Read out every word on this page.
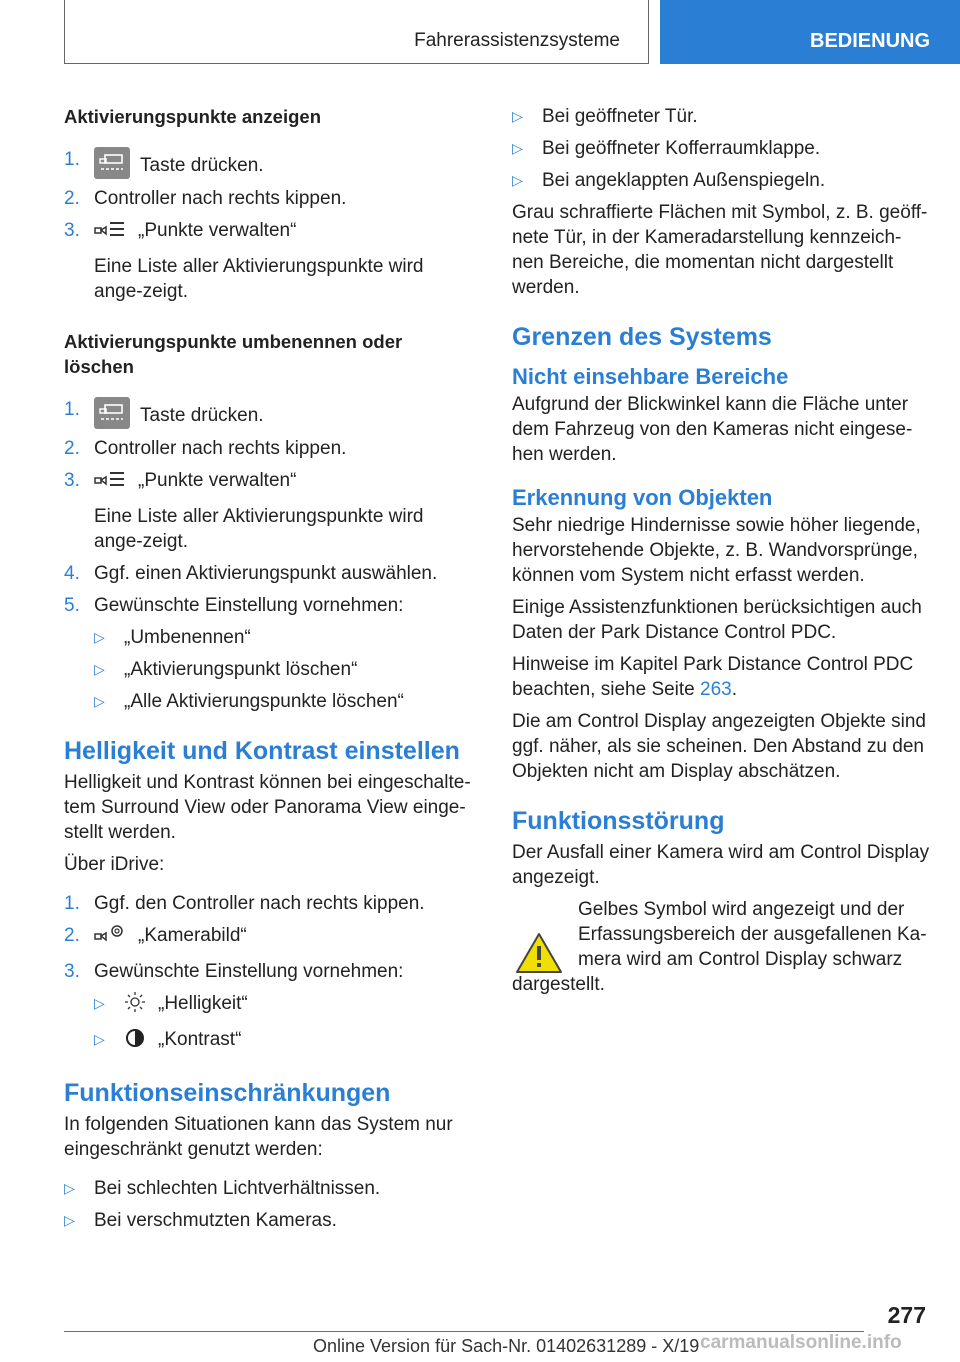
Fahrerassistenzsysteme	BEDIENUNG
Aktivierungspunkte anzeigen
1.	Taste drücken.
2. Controller nach rechts kippen.
3.	„Punkte verwalten“
Eine Liste aller Aktivierungspunkte wird ange-zeigt.
Aktivierungspunkte umbenennen oder löschen
1.	Taste drücken.
2. Controller nach rechts kippen.
3.	„Punkte verwalten“
Eine Liste aller Aktivierungspunkte wird ange-zeigt.
4. Ggf. einen Aktivierungspunkt auswählen.
5. Gewünschte Einstellung vornehmen:
▷ „Umbenennen“
▷ „Aktivierungspunkt löschen“
▷ „Alle Aktivierungspunkte löschen“
Helligkeit und Kontrast einstellen

Helligkeit und Kontrast können bei eingeschalte-tem Surround View oder Panorama View einge-stellt werden.

Über iDrive:

1. Ggf. den Controller nach rechts kippen.
2.	„Kamerabild“
3. Gewünschte Einstellung vornehmen:
▷	„Helligkeit“
▷	„Kontrast“
Funktionseinschränkungen

In folgenden Situationen kann das System nur eingeschränkt genutzt werden:

▷ Bei schlechten Lichtverhältnissen.
▷ Bei verschmutzten Kameras.
▷ Bei geöffneter Tür.
▷ Bei geöffneter Kofferraumklappe.
▷ Bei angeklappten Außenspiegeln.

Grau schraffierte Flächen mit Symbol, z. B. geöff-nete Tür, in der Kameradarstellung kennzeich-nen Bereiche, die momentan nicht dargestellt werden.

Grenzen des Systems
Nicht einsehbare Bereiche

Aufgrund der Blickwinkel kann die Fläche unter dem Fahrzeug von den Kameras nicht eingese-hen werden.

Erkennung von Objekten

Sehr niedrige Hindernisse sowie höher liegende, hervorstehende Objekte, z. B. Wandvorsprünge, können vom System nicht erfasst werden.

Einige Assistenzfunktionen berücksichtigen auch Daten der Park Distance Control PDC.

Hinweise im Kapitel Park Distance Control PDC beachten, siehe Seite 263.

Die am Control Display angezeigten Objekte sind ggf. näher, als sie scheinen. Den Abstand zu den Objekten nicht am Display abschätzen.

Funktionsstörung

Der Ausfall einer Kamera wird am Control Display angezeigt.

Gelbes Symbol wird angezeigt und der Erfassungsbereich der ausgefallenen Ka-mera wird am Control Display schwarz
dargestellt.
277
Online Version für Sach-Nr. 01402631289 - X/19 carmanualsonline.info
